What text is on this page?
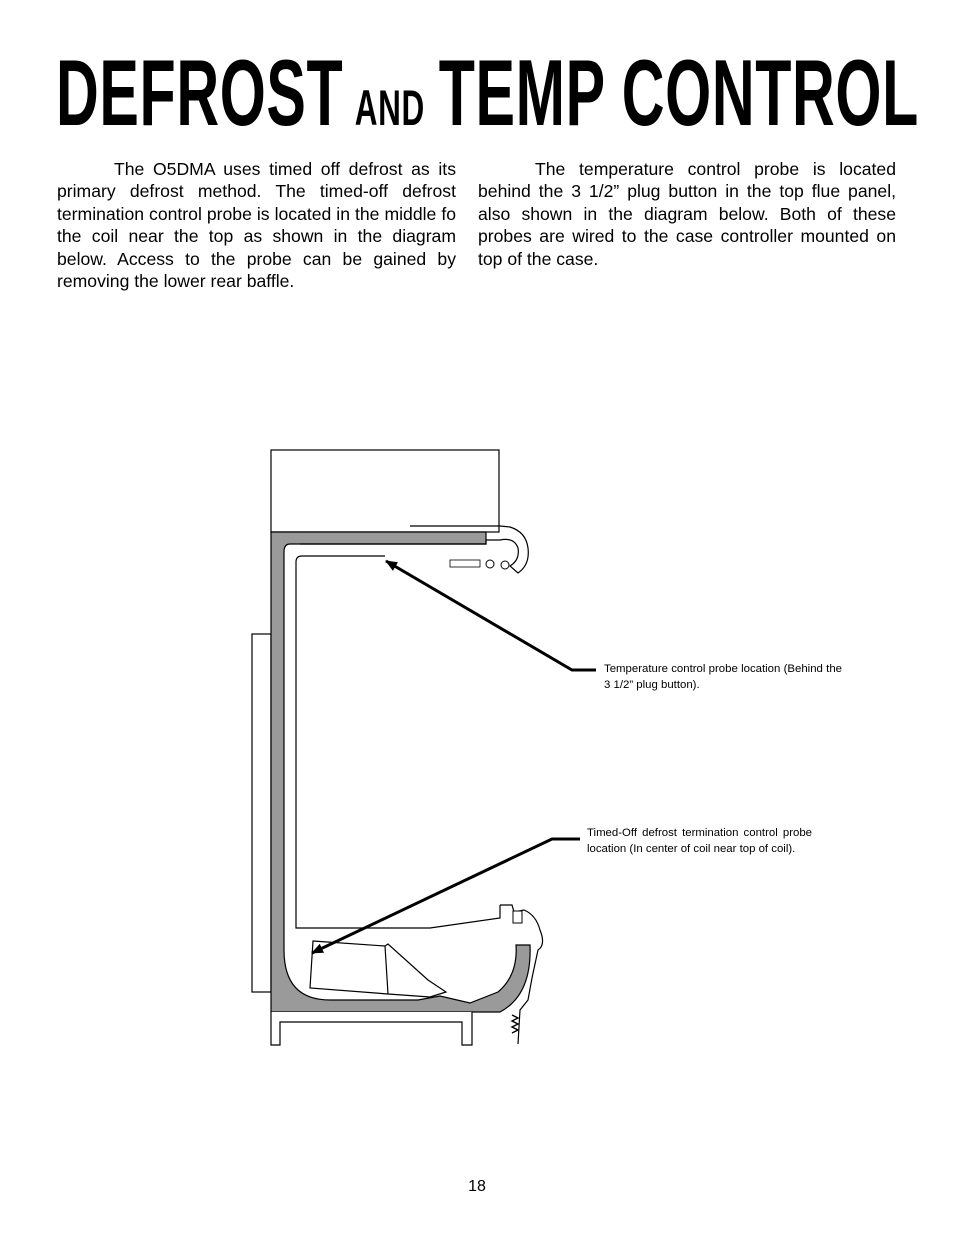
DEFROST AND TEMP CONTROL

The O5DMA uses timed off defrost as its primary defrost method. The timed-off defrost termination control probe is located in the middle fo the coil near the top as shown in the diagram below. Access to the probe can be gained by removing the lower rear baffle.

The temperature control probe is located behind the 3 1/2” plug button in the top flue panel, also shown in the diagram below. Both of these probes are wired to the case controller mounted on top of the case.

Temperature control probe location (Behind the 3 1/2” plug button).

Timed-Off defrost termination control probe location (In center of coil near top of coil).

18
